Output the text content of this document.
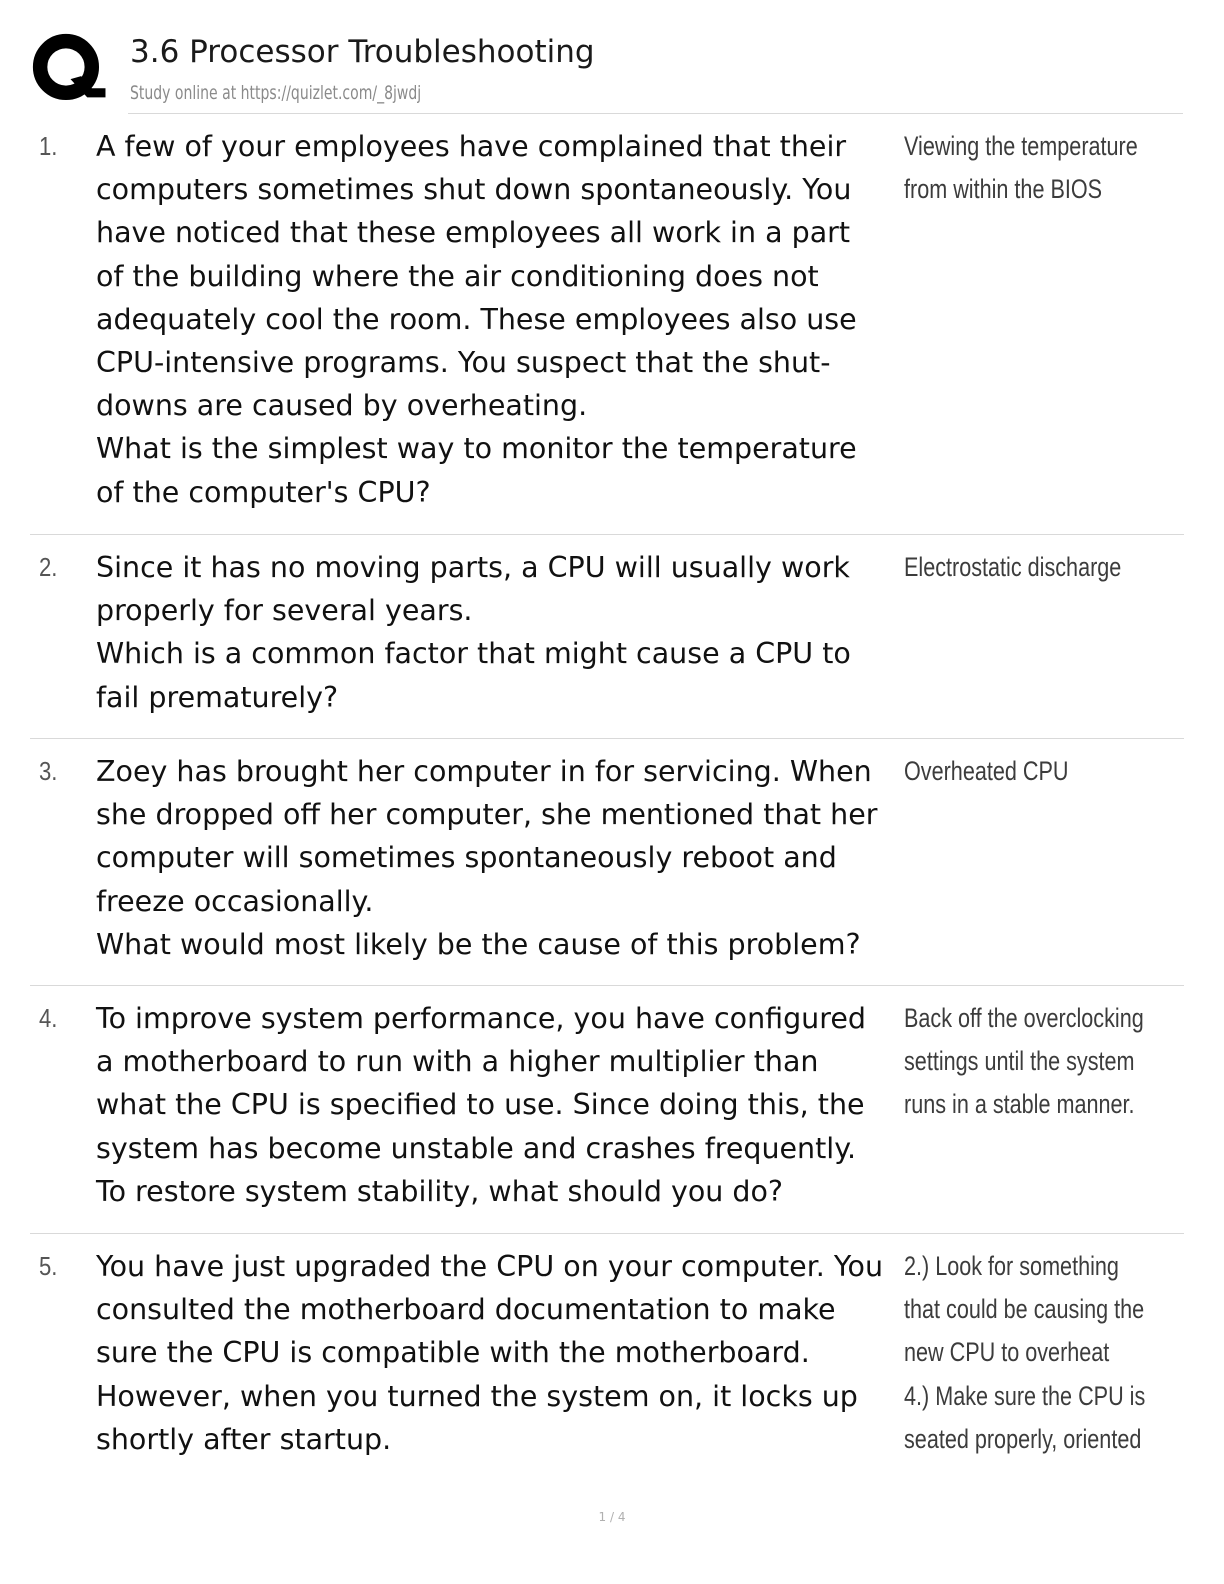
3.6 Processor Troubleshooting
Study online at https://quizlet.com/_8jwdj
1. A few of your employees have complained that their
computers sometimes shut down spontaneously. You
have noticed that these employees all work in a part
of the building where the air conditioning does not
adequately cool the room. These employees also use
CPU-intensive programs. You suspect that the shut-
downs are caused by overheating.
What is the simplest way to monitor the temperature
of the computer's CPU?
Viewing the temperature
from within the BIOS
2. Since it has no moving parts, a CPU will usually work
properly for several years.
Which is a common factor that might cause a CPU to
fail prematurely?
Electrostatic discharge
3. Zoey has brought her computer in for servicing. When
she dropped off her computer, she mentioned that her
computer will sometimes spontaneously reboot and
freeze occasionally.
What would most likely be the cause of this problem?
Overheated CPU
4. To improve system performance, you have configured
a motherboard to run with a higher multiplier than
what the CPU is specified to use. Since doing this, the
system has become unstable and crashes frequently.
To restore system stability, what should you do?
Back off the overclocking
settings until the system
runs in a stable manner.
5. You have just upgraded the CPU on your computer. You
consulted the motherboard documentation to make
sure the CPU is compatible with the motherboard.
However, when you turned the system on, it locks up
shortly after startup.
2.) Look for something
that could be causing the
new CPU to overheat
4.) Make sure the CPU is
seated properly, oriented
1 / 4
